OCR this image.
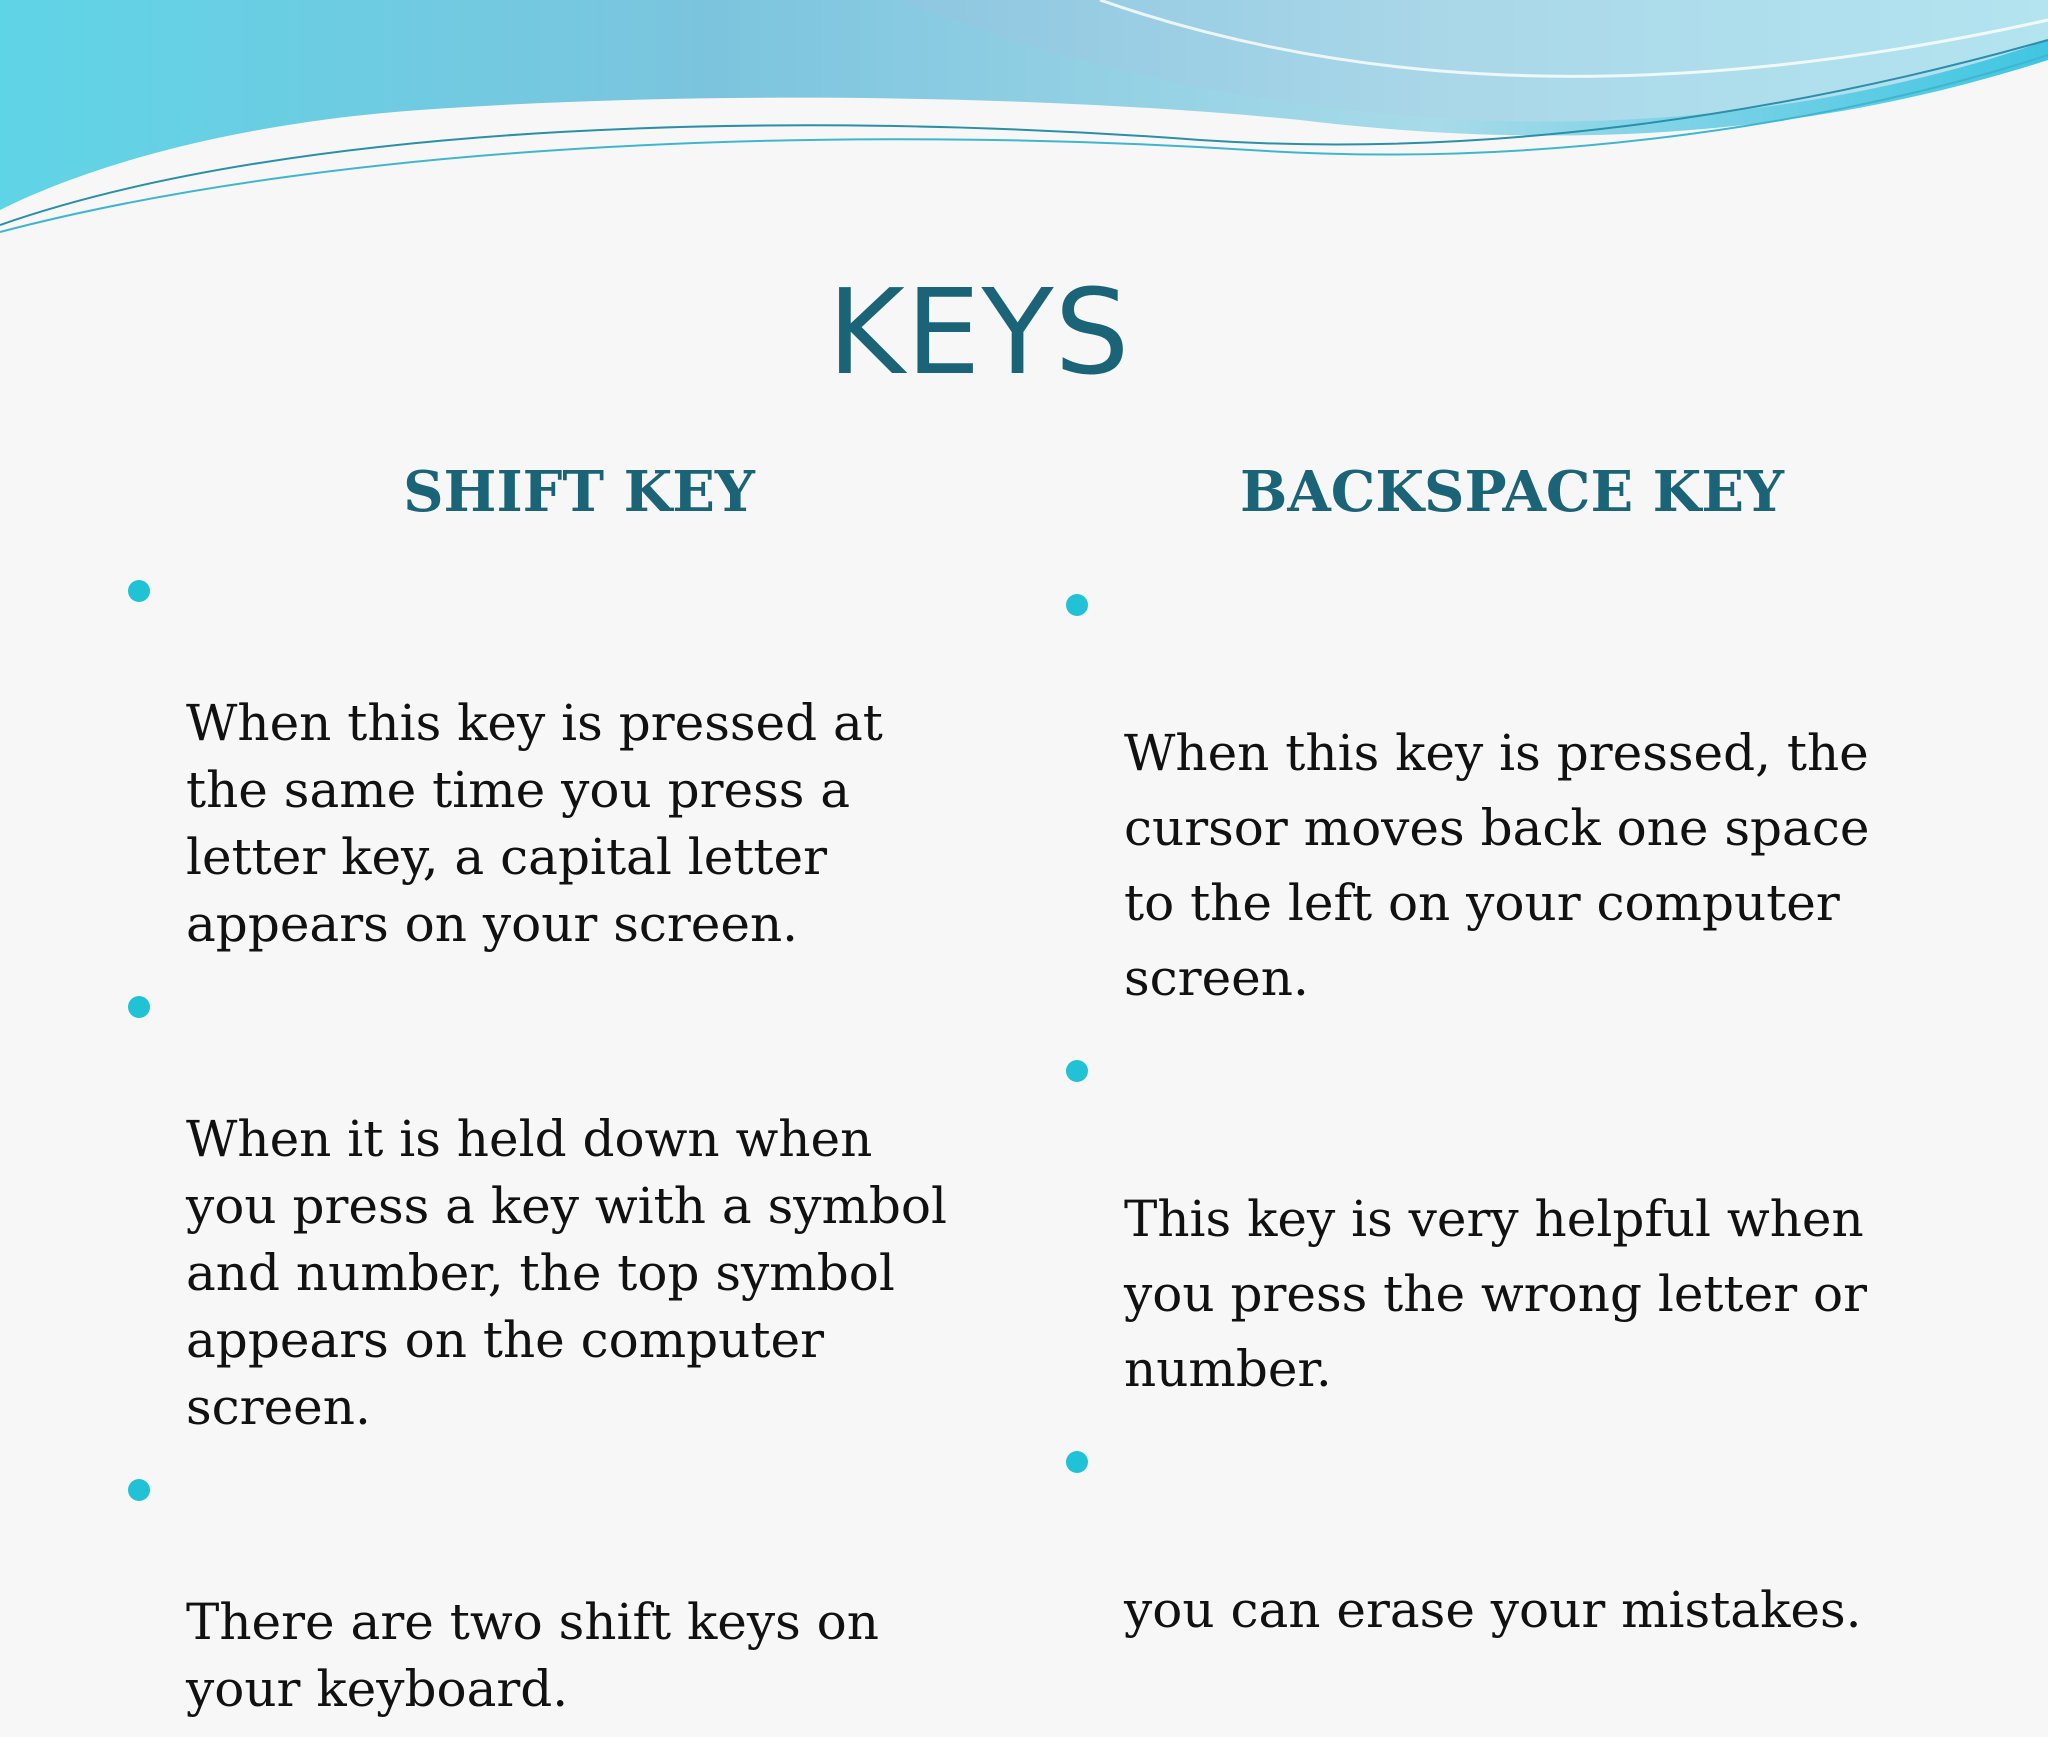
KEYS
SHIFT KEY

When this key is pressed at
the same time you press a
letter key, a capital letter
appears on your screen.

When it is held down when
you press a key with a symbol
and number, the top symbol
appears on the computer
screen.

There are two shift keys on
your keyboard.

BACKSPACE KEY

When this key is pressed, the
cursor moves back one space
to the left on your computer
screen.

This key is very helpful when
you press the wrong letter or
number.

you can erase your mistakes.
